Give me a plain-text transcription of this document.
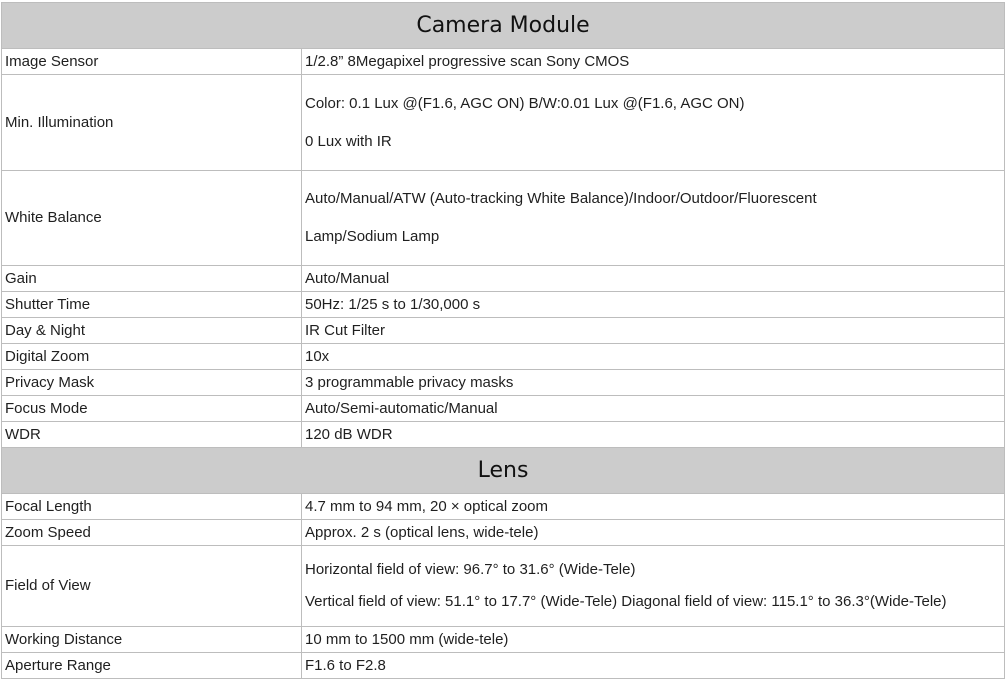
Camera Module	
Image Sensor	1/2.8” 8Megapixel progressive scan Sony CMOS
Min. Illumination	Color: 0.1 Lux @(F1.6, AGC ON) B/W:0.01 Lux @(F1.6, AGC ON)
0 Lux with IR

White Balance	Auto/Manual/ATW (Auto-tracking White Balance)/Indoor/Outdoor/Fluorescent
Lamp/Sodium Lamp

Gain	Auto/Manual
Shutter Time	50Hz: 1/25 s to 1/30,000 s
Day & Night	IR Cut Filter
Digital Zoom	10x
Privacy Mask	3 programmable privacy masks
Focus Mode	Auto/Semi-automatic/Manual
WDR	120 dB WDR
Lens	
Focal Length	4.7 mm to 94 mm, 20 × optical zoom
Zoom Speed	Approx. 2 s (optical lens, wide-tele)
Field of View	Horizontal field of view: 96.7° to 31.6° (Wide-Tele)
Vertical field of view: 51.1° to 17.7° (Wide-Tele) Diagonal field of view: 115.1° to 36.3°(Wide-Tele)

Working Distance	10 mm to 1500 mm (wide-tele)
Aperture Range	F1.6 to F2.8
